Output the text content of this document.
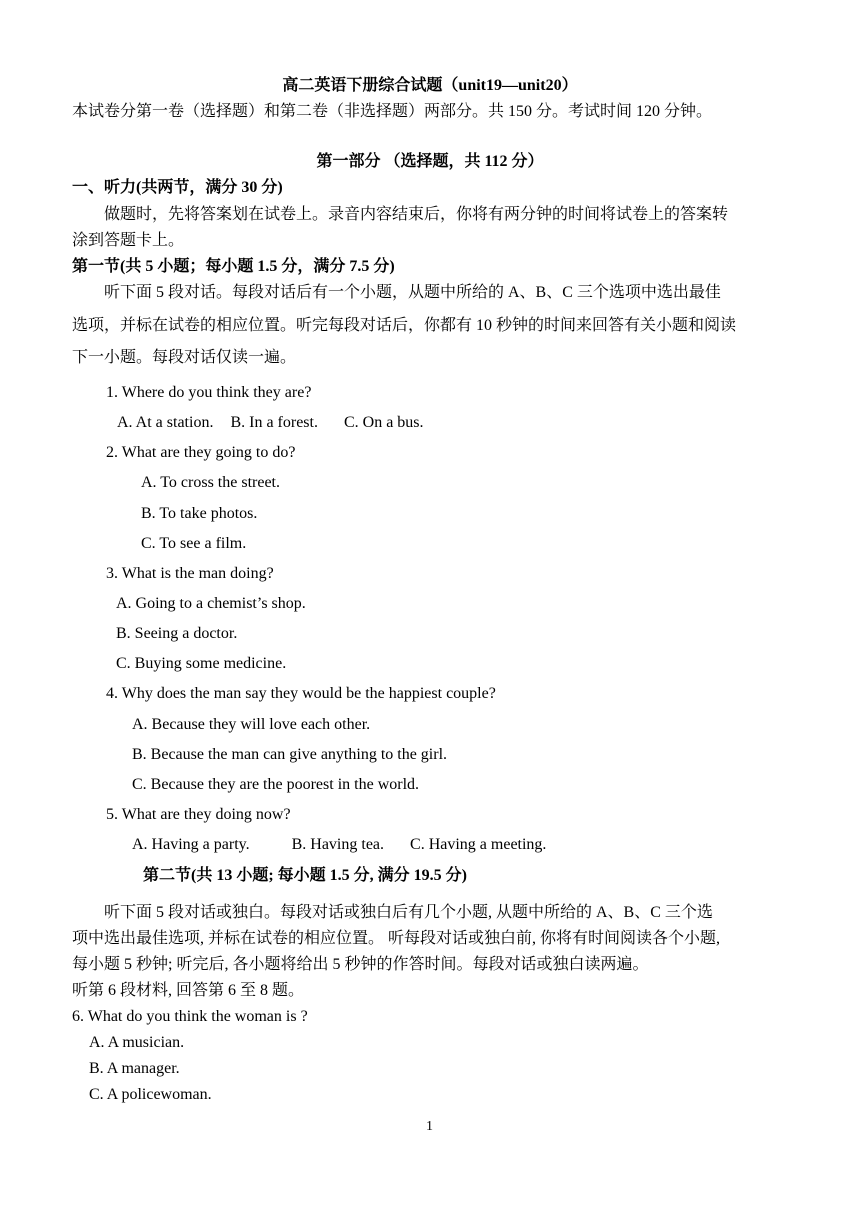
高二英语下册综合试题（unit19—unit20）
本试卷分第一卷（选择题）和第二卷（非选择题）两部分。共 150 分。考试时间 120 分钟。
第一部分 （选择题，共 112 分）
一、听力(共两节，满分 30 分)
做题时，先将答案划在试卷上。录音内容结束后，你将有两分钟的时间将试卷上的答案转
涂到答题卡上。
第一节(共 5 小题；每小题 1.5 分，满分 7.5 分)
听下面 5 段对话。每段对话后有一个小题，从题中所给的 A、B、C 三个选项中选出最佳
选项，并标在试卷的相应位置。听完每段对话后，你都有 10 秒钟的时间来回答有关小题和阅读
下一小题。每段对话仅读一遍。
1. Where do you think they are?
A. At a station. B. In a forest. C. On a bus.
2. What are they going to do?
A. To cross the street.
B. To take photos.
C. To see a film.
3. What is the man doing?
A. Going to a chemist’s shop.
B. Seeing a doctor.
C. Buying some medicine.
4. Why does the man say they would be the happiest couple?
A. Because they will love each other.
B. Because the man can give anything to the girl.
C. Because they are the poorest in the world.
5. What are they doing now?
A. Having a party.	B. Having tea. C. Having a meeting.
第二节(共 13 小题; 每小题 1.5 分, 满分 19.5 分)
听下面 5 段对话或独白。每段对话或独白后有几个小题, 从题中所给的 A、B、C 三个选
项中选出最佳选项, 并标在试卷的相应位置。 听每段对话或独白前, 你将有时间阅读各个小题,
每小题 5 秒钟; 听完后, 各小题将给出 5 秒钟的作答时间。每段对话或独白读两遍。
听第 6 段材料, 回答第 6 至 8 题。
6. What do you think the woman is ?
A. A musician.
B. A manager.
C. A policewoman.
1
